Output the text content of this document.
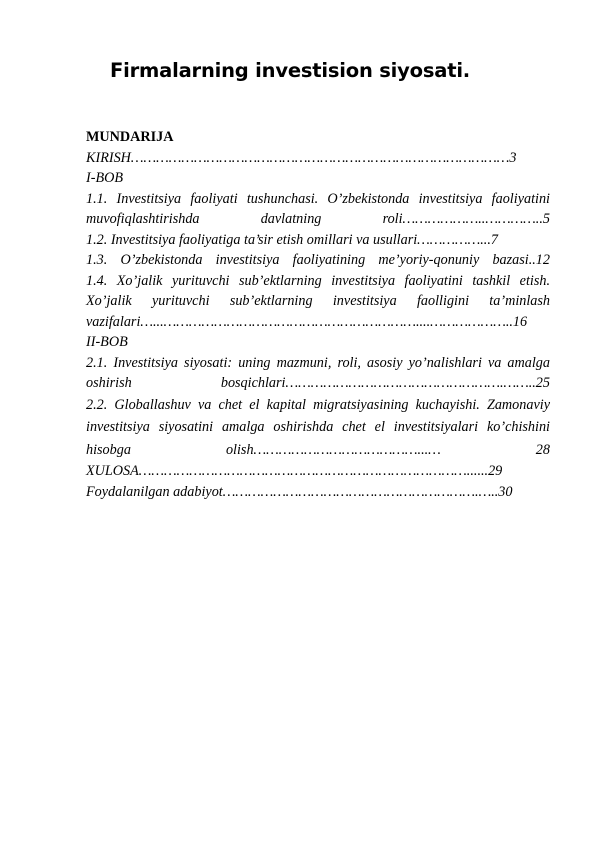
Firmalarning investision siyosati.

MUNDARIJA

KIRISH………………………………………………………………………………3

I-BOB

1.1. Investitsiya faoliyati tushunchasi. O’zbekistonda investitsiya faoliyatini muvofiqlashtirishda davlatning roli………………..…………..5

1.2. Investitsiya faoliyatiga ta’sir etish omillari va usullari……………...7

1.3. O’zbekistonda investitsiya faoliyatining me’yoriy-qonuniy bazasi..12

1.4. Xo’jalik yurituvchi sub’ektlarning investitsiya faoliyatini tashkil etish. Xo’jalik yurituvchi sub’ektlarning investitsiya faolligini ta’minlash vazifalari…...……………………………………………………....………………..16

II-BOB

2.1. Investitsiya siyosati: uning mazmuni, roli, asosiy yo’nalishlari va amalga oshirish bosqichlari…………………………………………….……..25

2.2. Globallashuv va chet el kapital migratsiyasining kuchayishi. Zamonaviy investitsiya siyosatini amalga oshirishda chet el investitsiyalari ko’chishini hisobga olish…………………………………...… 28

XULOSA……………………………………………………………………......29

Foydalanilgan adabiyot…………………………………………………….…..30
